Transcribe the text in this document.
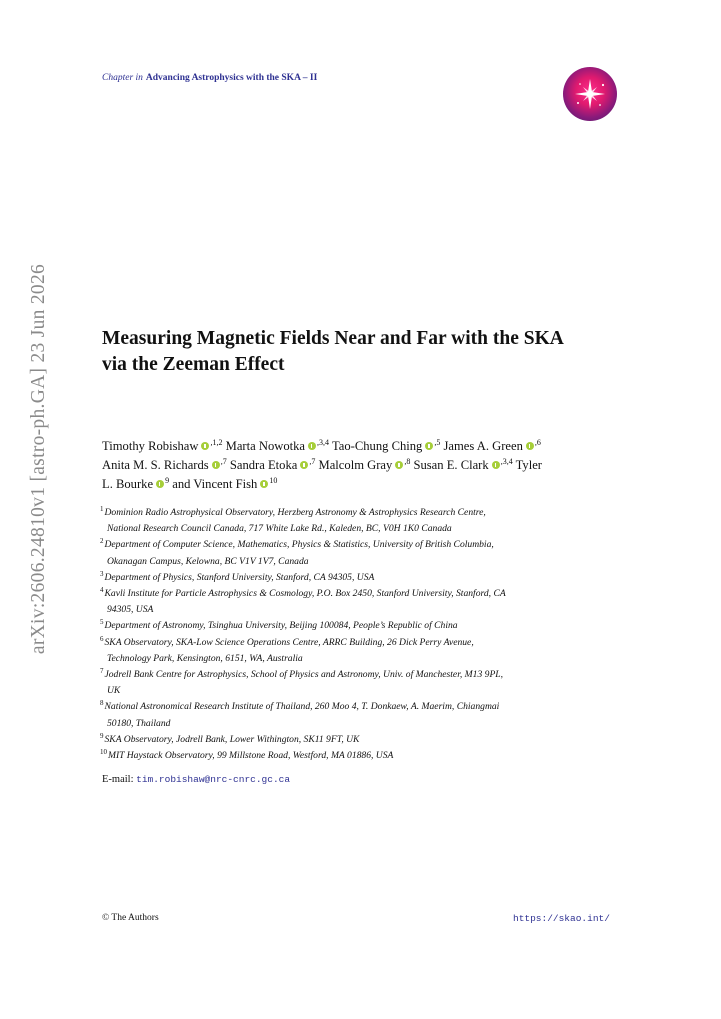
arXiv:2606.24810v1 [astro-ph.GA] 23 Jun 2026
Chapter in Advancing Astrophysics with the SKA – II
Measuring Magnetic Fields Near and Far with the SKA
via the Zeeman Effect
Timothy Robishaw $^{,1,2}$ Marta Nowotka $^{,3,4}$ Tao-Chung Ching $^{,5}$ James A. Green $^{,6}$
Anita M. S. Richards $^{,7}$ Sandra Etoka $^{,7}$ Malcolm Gray $^{,8}$ Susan E. Clark $^{,3,4}$ Tyler
L. Bourke $^9$ and Vincent Fish $^{10}$
$^1$Dominion Radio Astrophysical Observatory, Herzberg Astronomy & Astrophysics Research Centre,
National Research Council Canada, 717 White Lake Rd., Kaleden, BC, V0H 1K0 Canada
$^2$Department of Computer Science, Mathematics, Physics & Statistics, University of British Columbia,
Okanagan Campus, Kelowna, BC V1V 1V7, Canada
$^3$Department of Physics, Stanford University, Stanford, CA 94305, USA
$^4$Kavli Institute for Particle Astrophysics & Cosmology, P.O. Box 2450, Stanford University, Stanford, CA
94305, USA
$^5$Department of Astronomy, Tsinghua University, Beijing 100084, People’s Republic of China
$^6$SKA Observatory, SKA-Low Science Operations Centre, ARRC Building, 26 Dick Perry Avenue,
Technology Park, Kensington, 6151, WA, Australia
$^7$Jodrell Bank Centre for Astrophysics, School of Physics and Astronomy, Univ. of Manchester, M13 9PL,
UK
$^8$National Astronomical Research Institute of Thailand, 260 Moo 4, T. Donkaew, A. Maerim, Chiangmai
50180, Thailand
$^9$SKA Observatory, Jodrell Bank, Lower Withington, SK11 9FT, UK
$^{10}$MIT Haystack Observatory, 99 Millstone Road, Westford, MA 01886, USA
E-mail: tim.robishaw@nrc-cnrc.gc.ca
© The Authors	https://skao.int/
